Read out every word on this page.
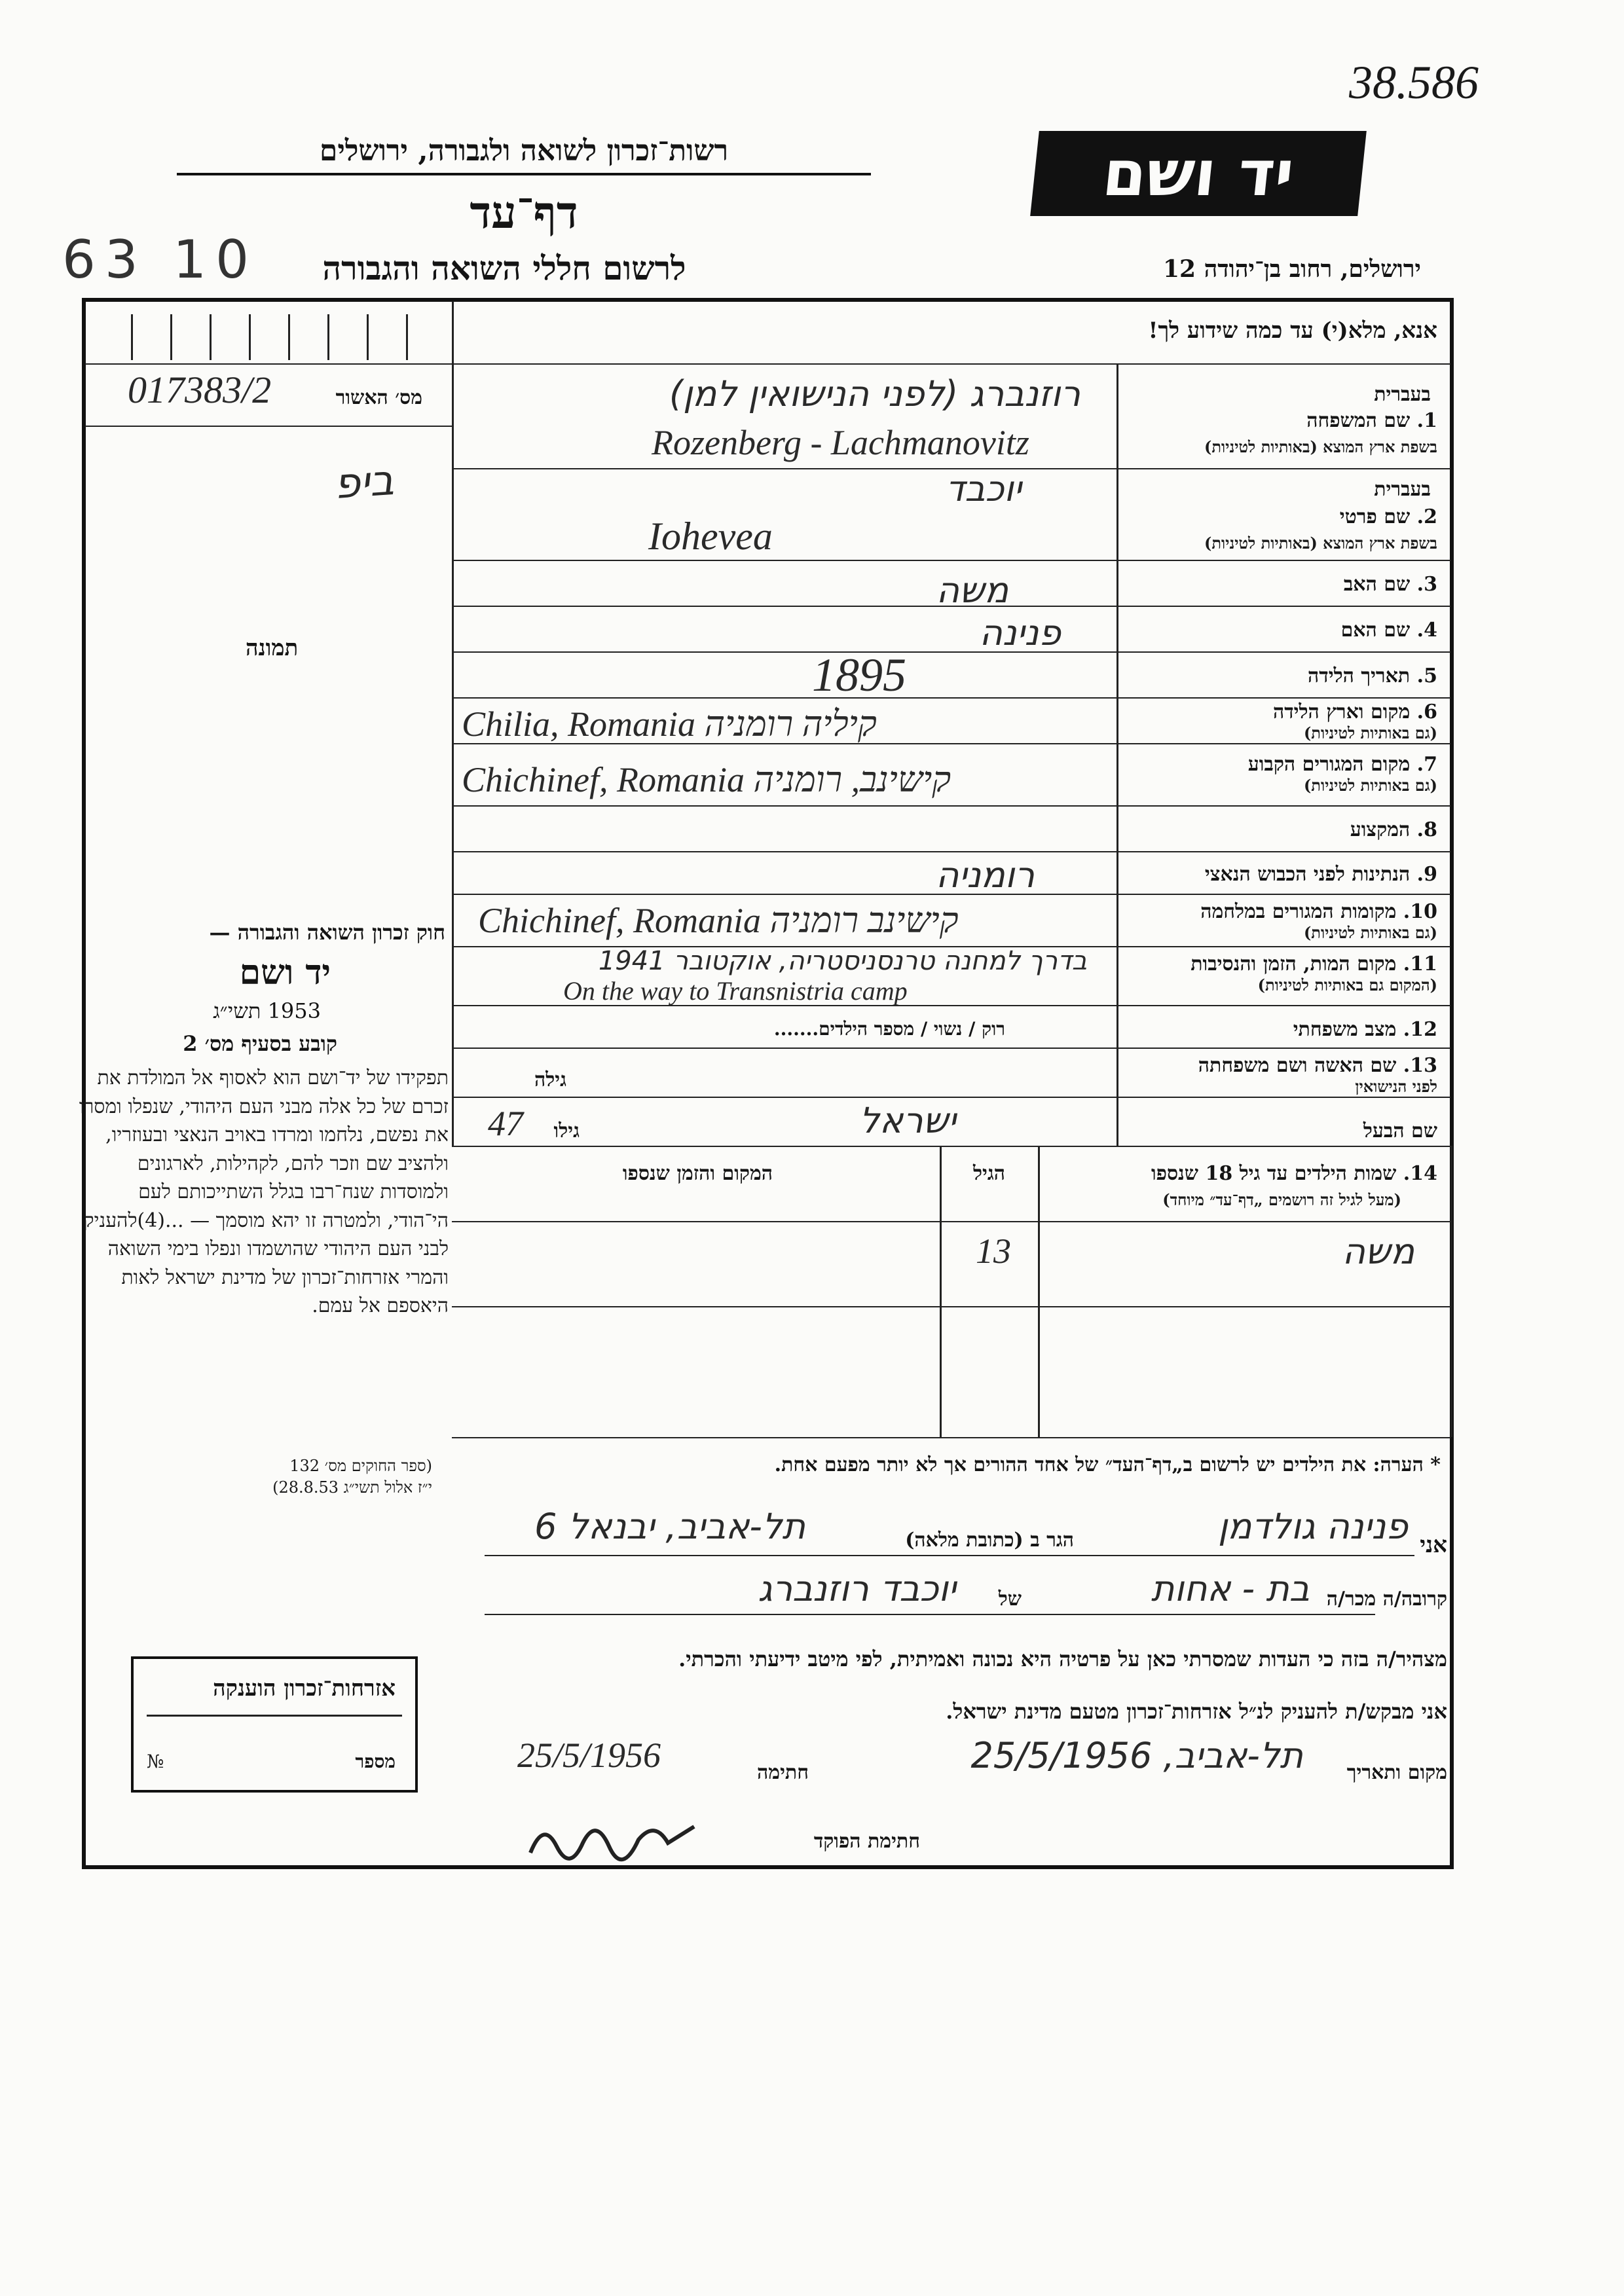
38.586
63 10
יד ושם
רשות־זכרון לשואה ולגבורה, ירושלים
דף־עד
לרשום חללי השואה והגבורה	ירושלים, רחוב בן־יהודה 12
אנא, מלא(י) עד כמה שידוע לך!
מס׳ האשור
017383/2
ביפ
תמונה
חוק זכרון השואה והגבורה —
יד ושם
1953 תשי״ג
קובע בסעיף מס׳ 2
תפקידו של יד־ושם הוא לאסוף אל המולדת את זכרם של כל אלה מבני העם היהודי, שנפלו ומסרו את נפשם, נלחמו ומרדו באויב הנאצי ובעוזריו, ולהציב שם וזכר להם, לקהילות, לארגונים ולמוסדות שנח־רבו בגלל השתייכותם לעם הי־הודי, ולמטרה זו יהא מוסמך — ...(4)להעניק לבני העם היהודי שהושמדו ונפלו בימי השואה והמרי אזרחות־זכרון של מדינת ישראל לאות היאספם אל עמם.
(ספר החוקים מס׳ 132
י״ז אלול תשי״ג 28.8.53)
בעברית
1. שם המשפחה
בשפת ארץ המוצא (באותיות לטיניות)
רוזנברג (לפני הנישואין למן)
Rozenberg - Lachmanovitz
בעברית
2. שם פרטי
בשפת ארץ המוצא (באותיות לטיניות)
יוכבד
Iohevea
3. שם האב
משה
4. שם האם
פנינה
5. תאריך הלידה
1895
6. מקום וארץ הלידה
(גם באותיות לטיניות)
Chilia, Romania קיליה רומניה
7. מקום המגורים הקבוע
(גם באותיות לטיניות)
Chichinef, Romania קישינב, רומניה
8. המקצוע
9. הנתינות לפני הכבוש הנאצי
רומניה
10. מקומות המגורים במלחמה
(גם באותיות לטיניות)
Chichinef, Romania קישינב רומניה
11. מקום המות, הזמן והנסיבות
(המקום גם באותיות לטיניות)
בדרך למחנה טרנסניסטריה, אוקטובר 1941
On the way to Transnistria camp
12. מצב משפחתי
רוק / נשוי / מספר הילדים.......
13. שם האשה ושם משפחתה
לפני הנישואין
גילה
שם הבעל
ישראל
גילו
47
14. שמות הילדים עד גיל 18 שנספו
(מעל לגיל זה רושמים „דף־עד״ מיוחד)
הגיל
המקום והזמן שנספו
משה
13
* הערה: את הילדים יש לרשום ב„דף־העד״ של אחד ההורים אך לא יותר מפעם אחת.
אני
פנינה גולדמן
הגר ב (כתובת מלאה)
תל-אביב, יבנאל 6
קרובה/ה מכר/ה
בת - אחות
של
יוכבד רוזנברג
מצהיר/ה בזה כי העדות שמסרתי כאן על פרטיה היא נכונה ואמיתית, לפי מיטב ידיעתי והכרתי.
אני מבקש/ת להעניק לנ״ל אזרחות־זכרון מטעם מדינת ישראל.
מקום ותאריך
תל-אביב, 25/5/1956
חתימה
25/5/1956
חתימת הפוקד
אזרחות־זכרון הוענקה
מספר
№
